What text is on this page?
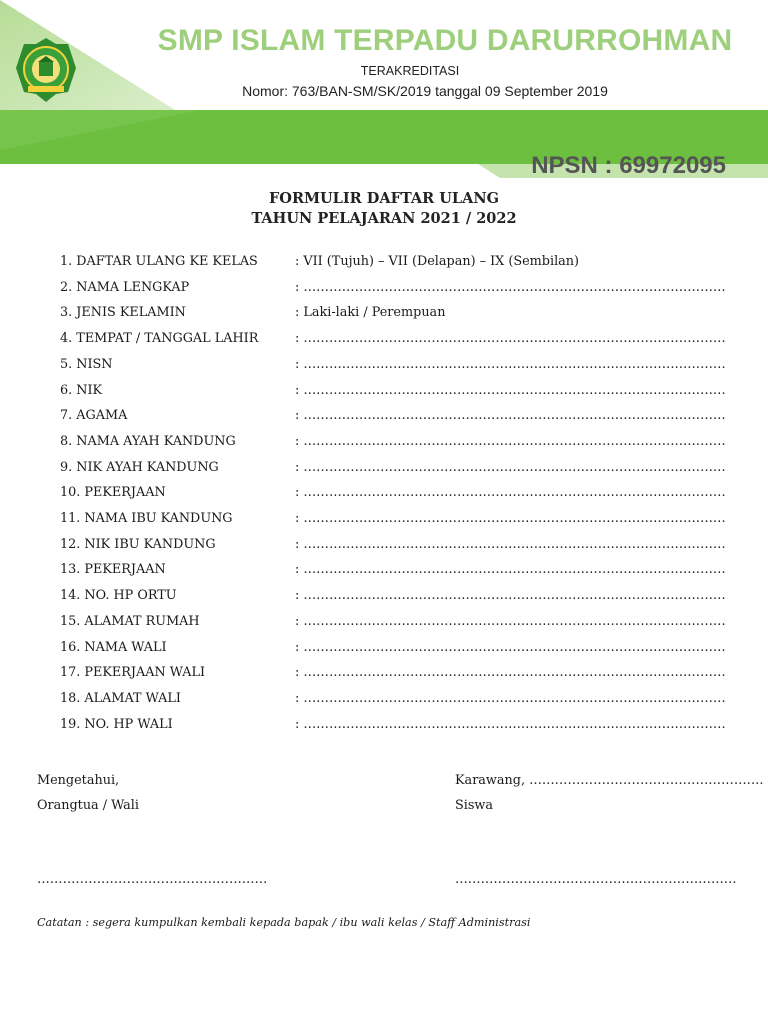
SMP ISLAM TERPADU DARURROHMAN
TERAKREDITASI
Nomor: 763/BAN-SM/SK/2019 tanggal 09 September 2019
NPSN : 69972095
FORMULIR DAFTAR ULANG
TAHUN PELAJARAN 2021 / 2022
1. DAFTAR ULANG KE KELAS	: VII (Tujuh) – VII (Delapan) – IX (Sembilan)
2. NAMA LENGKAP	: ………………………………………………………………………………………
3. JENIS KELAMIN	: Laki-laki / Perempuan
4. TEMPAT / TANGGAL LAHIR	: ………………………………………………………………………………………
5. NISN	: ………………………………………………………………………………………
6. NIK	: ………………………………………………………………………………………
7. AGAMA	: ………………………………………………………………………………………
8. NAMA AYAH KANDUNG	: ………………………………………………………………………………………
9. NIK AYAH KANDUNG	: ………………………………………………………………………………………
10. PEKERJAAN	: ………………………………………………………………………………………
11. NAMA IBU KANDUNG	: ………………………………………………………………………………………
12. NIK IBU KANDUNG	: ………………………………………………………………………………………
13. PEKERJAAN	: ………………………………………………………………………………………
14. NO. HP ORTU	: ………………………………………………………………………………………
15. ALAMAT RUMAH	: ………………………………………………………………………………………
16. NAMA WALI	: ………………………………………………………………………………………
17. PEKERJAAN WALI	: ………………………………………………………………………………………
18. ALAMAT WALI	: ………………………………………………………………………………………
19. NO. HP WALI	: ………………………………………………………………………………………
Mengetahui,
Orangtua / Wali
Karawang, ……………………………………………….
Siswa
………………………………………………	…………………………………………………………
Catatan : segera kumpulkan kembali kepada bapak / ibu wali kelas / Staff Administrasi
